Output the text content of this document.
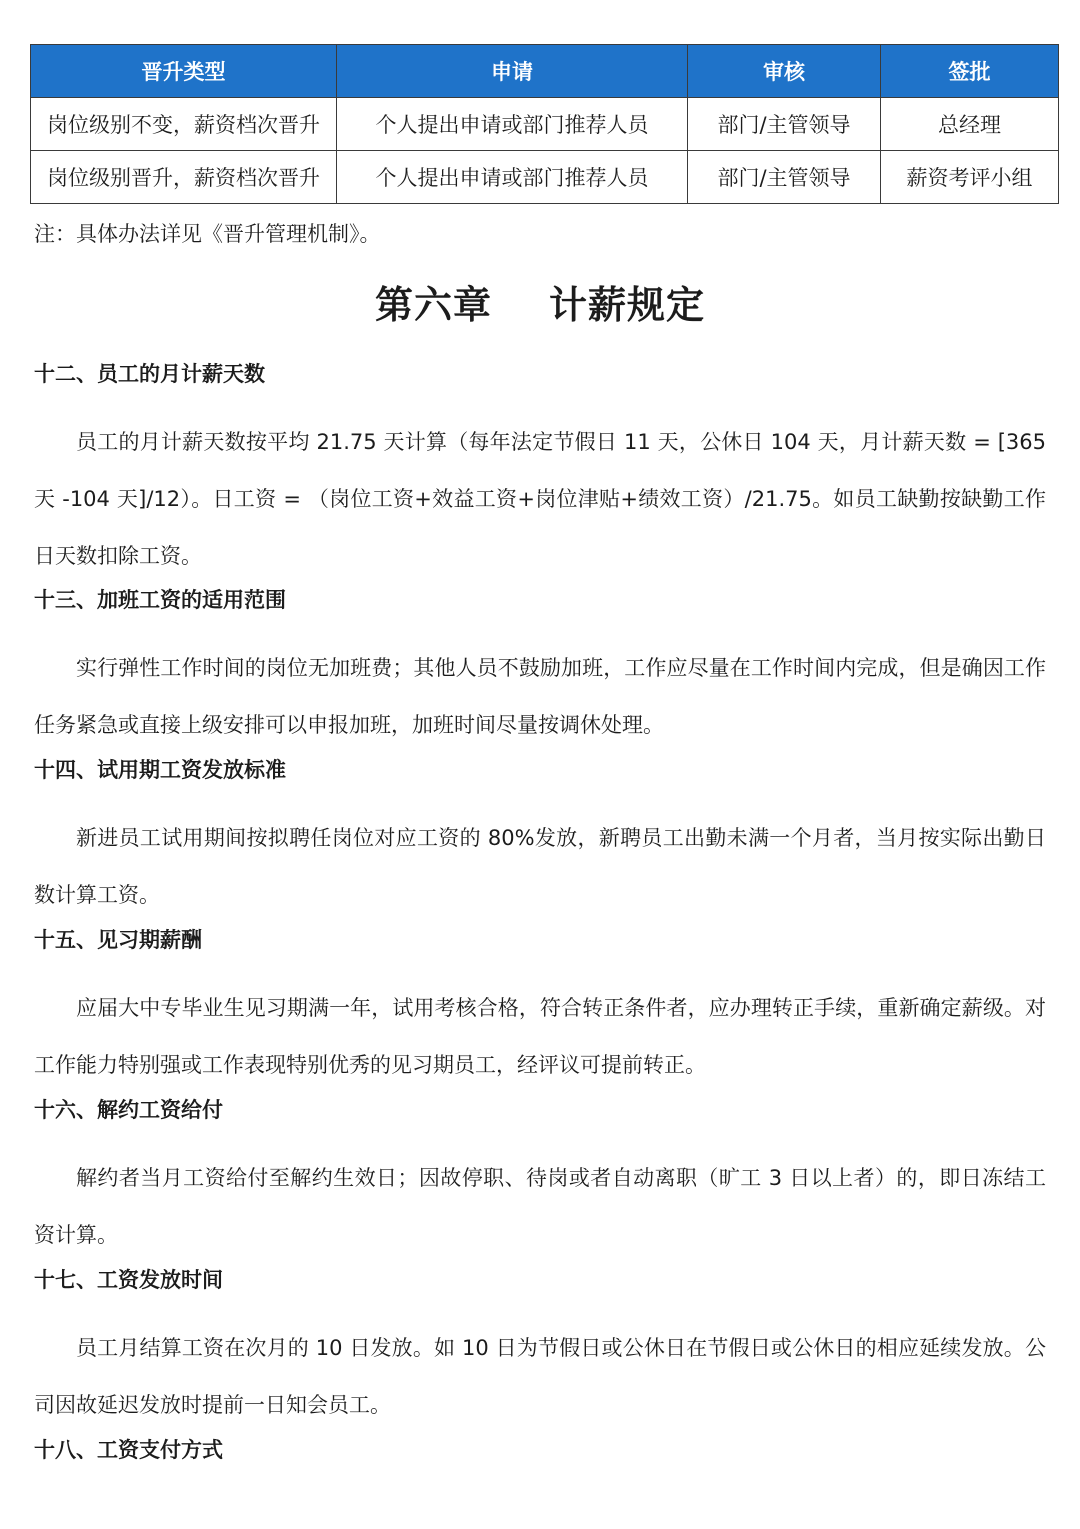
晋升类型	申请	审核	签批
岗位级别不变，薪资档次晋升	个人提出申请或部门推荐人员	部门/主管领导	总经理
岗位级别晋升，薪资档次晋升	个人提出申请或部门推荐人员	部门/主管领导	薪资考评小组
注：具体办法详见《晋升管理机制》。
第六章    计薪规定
十二、员工的月计薪天数

员工的月计薪天数按平均 21.75 天计算（每年法定节假日 11 天，公休日 104 天，月计薪天数 = [365 天 -104 天]/12）。日工资 = （岗位工资+效益工资+岗位津贴+绩效工资）/21.75。如员工缺勤按缺勤工作日天数扣除工资。

十三、加班工资的适用范围

实行弹性工作时间的岗位无加班费；其他人员不鼓励加班，工作应尽量在工作时间内完成，但是确因工作任务紧急或直接上级安排可以申报加班，加班时间尽量按调休处理。

十四、试用期工资发放标准

新进员工试用期间按拟聘任岗位对应工资的 80%发放，新聘员工出勤未满一个月者，当月按实际出勤日数计算工资。

十五、见习期薪酬

应届大中专毕业生见习期满一年，试用考核合格，符合转正条件者，应办理转正手续，重新确定薪级。对工作能力特别强或工作表现特别优秀的见习期员工，经评议可提前转正。

十六、解约工资给付

解约者当月工资给付至解约生效日；因故停职、待岗或者自动离职（旷工 3 日以上者）的，即日冻结工资计算。

十七、工资发放时间

员工月结算工资在次月的 10 日发放。如 10 日为节假日或公休日在节假日或公休日的相应延续发放。公司因故延迟发放时提前一日知会员工。

十八、工资支付方式
